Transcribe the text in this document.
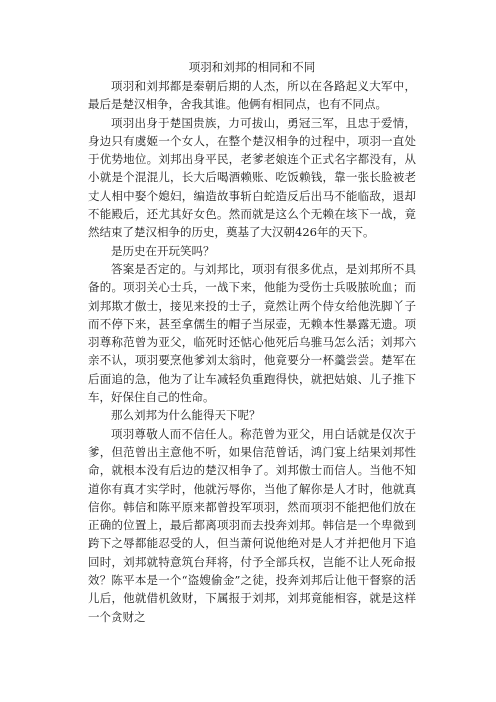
项羽和刘邦的相同和不同

项羽和刘邦都是秦朝后期的人杰，所以在各路起义大军中，最后是楚汉相争，舍我其谁。他俩有相同点，也有不同点。

项羽出身于楚国贵族，力可拔山，勇冠三军，且忠于爱情，身边只有虞姬一个女人，在整个楚汉相争的过程中，项羽一直处于优势地位。刘邦出身平民，老爹老娘连个正式名字都没有，从小就是个混混儿，长大后喝酒赖账、吃饭赖钱，靠一张长脸被老丈人相中娶个媳妇，编造故事斩白蛇造反后出马不能临敌，退却不能殿后，还尤其好女色。然而就是这么个无赖在垓下一战，竟然结束了楚汉相争的历史，奠基了大汉朝426年的天下。

是历史在开玩笑吗？

答案是否定的。与刘邦比，项羽有很多优点，是刘邦所不具备的。项羽关心士兵，一战下来，他能为受伤士兵吸脓吮血；而刘邦欺才傲士，接见来投的士子，竟然让两个侍女给他洗脚丫子而不停下来，甚至拿儒生的帽子当尿壶，无赖本性暴露无遗。项羽尊称范曾为亚父，临死时还惦心他死后乌骓马怎么活；刘邦六亲不认，项羽要烹他爹刘太翁时，他竟要分一杯羹尝尝。楚军在后面追的急，他为了让车减轻负重跑得快，就把姑娘、儿子推下车，好保住自己的性命。

那么刘邦为什么能得天下呢？

项羽尊敬人而不信任人。称范曾为亚父，用白话就是仅次于爹，但范曾出主意他不听，如果信范曾话，鸿门宴上结果刘邦性命，就根本没有后边的楚汉相争了。刘邦傲士而信人。当他不知道你有真才实学时，他就污辱你，当他了解你是人才时，他就真信你。韩信和陈平原来都曾投军项羽，然而项羽不能把他们放在正确的位置上，最后都离项羽而去投奔刘邦。韩信是一个卑微到跨下之辱都能忍受的人，但当萧何说他绝对是人才并把他月下追回时，刘邦就特意筑台拜将，付予全部兵权，岂能不让人死命报效？陈平本是一个“盗嫂偷金”之徒，投奔刘邦后让他干督察的活儿后，他就借机敛财，下属报于刘邦，刘邦竟能相容，就是这样一个贪财之
